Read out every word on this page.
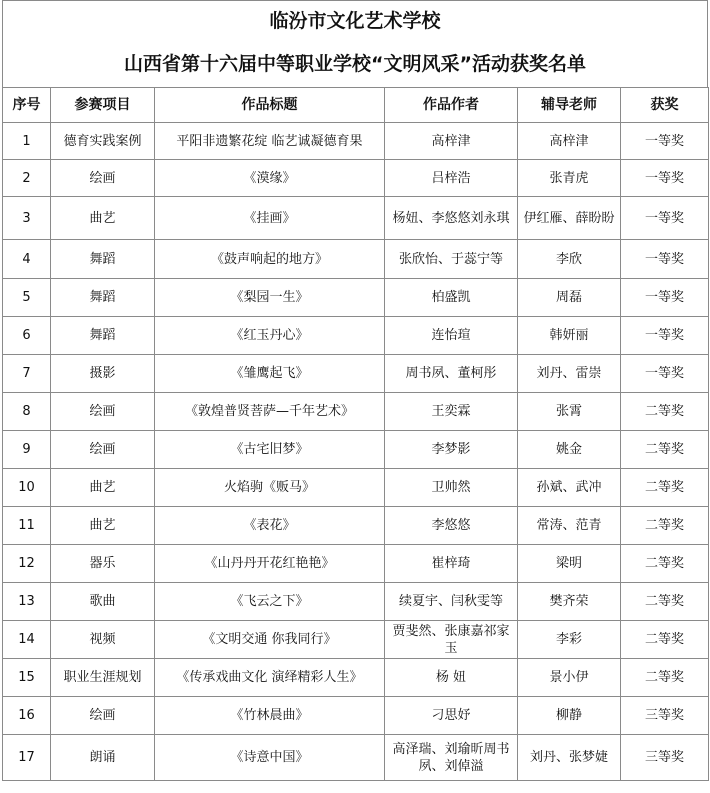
临汾市文化艺术学校
山西省第十六届中等职业学校“文明风采”活动获奖名单
序号	参赛项目	作品标题	作品作者	辅导老师	获奖
1	德育实践案例	平阳非遗繁花绽 临艺诚凝德育果	高梓津	高梓津	一等奖
2	绘画	《漠缘》	吕梓浩	张青虎	一等奖
3	曲艺	《挂画》	杨妞、李悠悠刘永琪	伊红雁、薛盼盼	一等奖
4	舞蹈	《鼓声响起的地方》	张欣怡、于蕊宁等	李欣	一等奖
5	舞蹈	《梨园一生》	柏盛凯	周磊	一等奖
6	舞蹈	《红玉丹心》	连怡瑄	韩妍丽	一等奖
7	摄影	《雏鹰起飞》	周书夙、董柯彤	刘丹、雷崇	一等奖
8	绘画	《敦煌普贤菩萨—千年艺术》	王奕霖	张霄	二等奖
9	绘画	《古宅旧梦》	李梦影	姚金	二等奖
10	曲艺	火焰驹《贩马》	卫帅然	孙斌、武冲	二等奖
11	曲艺	《表花》	李悠悠	常涛、范青	二等奖
12	器乐	《山丹丹开花红艳艳》	崔梓琦	梁明	二等奖
13	歌曲	《飞云之下》	续夏宇、闫秋雯等	樊齐荣	二等奖
14	视频	《文明交通 你我同行》	贾斐然、张康嘉祁家玉	李彩	二等奖
15	职业生涯规划	《传承戏曲文化 演绎精彩人生》	杨 妞	景小伊	二等奖
16	绘画	《竹林晨曲》	刁思妤	柳静	三等奖
17	朗诵	《诗意中国》	高泽瑞、刘瑜昕周书夙、刘倬溢	刘丹、张梦婕	三等奖
